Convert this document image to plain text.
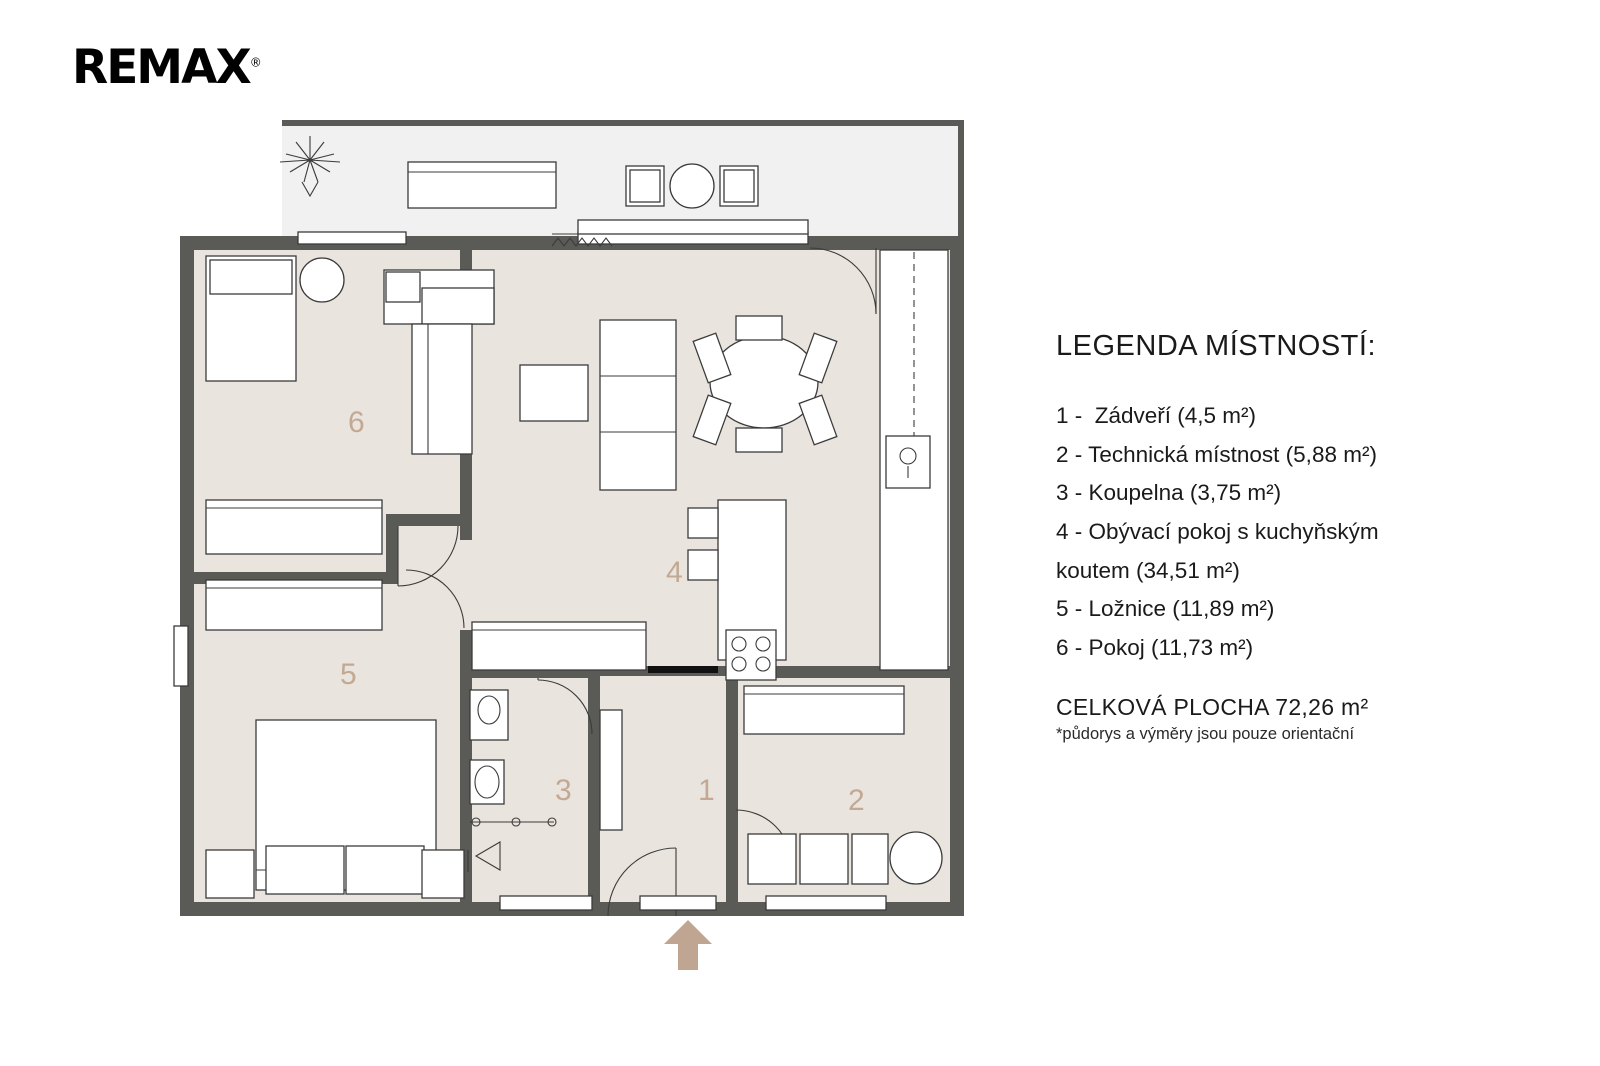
REMAX®
6
5
4
3	1	2
LEGENDA MÍSTNOSTÍ:
1 -  Zádveří (4,5 m²)
2 - Technická místnost (5,88 m²)
3 - Koupelna (3,75 m²)
4 - Obývací pokoj s kuchyňským
koutem (34,51 m²)
5 - Ložnice (11,89 m²)
6 - Pokoj (11,73 m²)
CELKOVÁ PLOCHA 72,26 m²
*půdorys a výměry jsou pouze orientační
